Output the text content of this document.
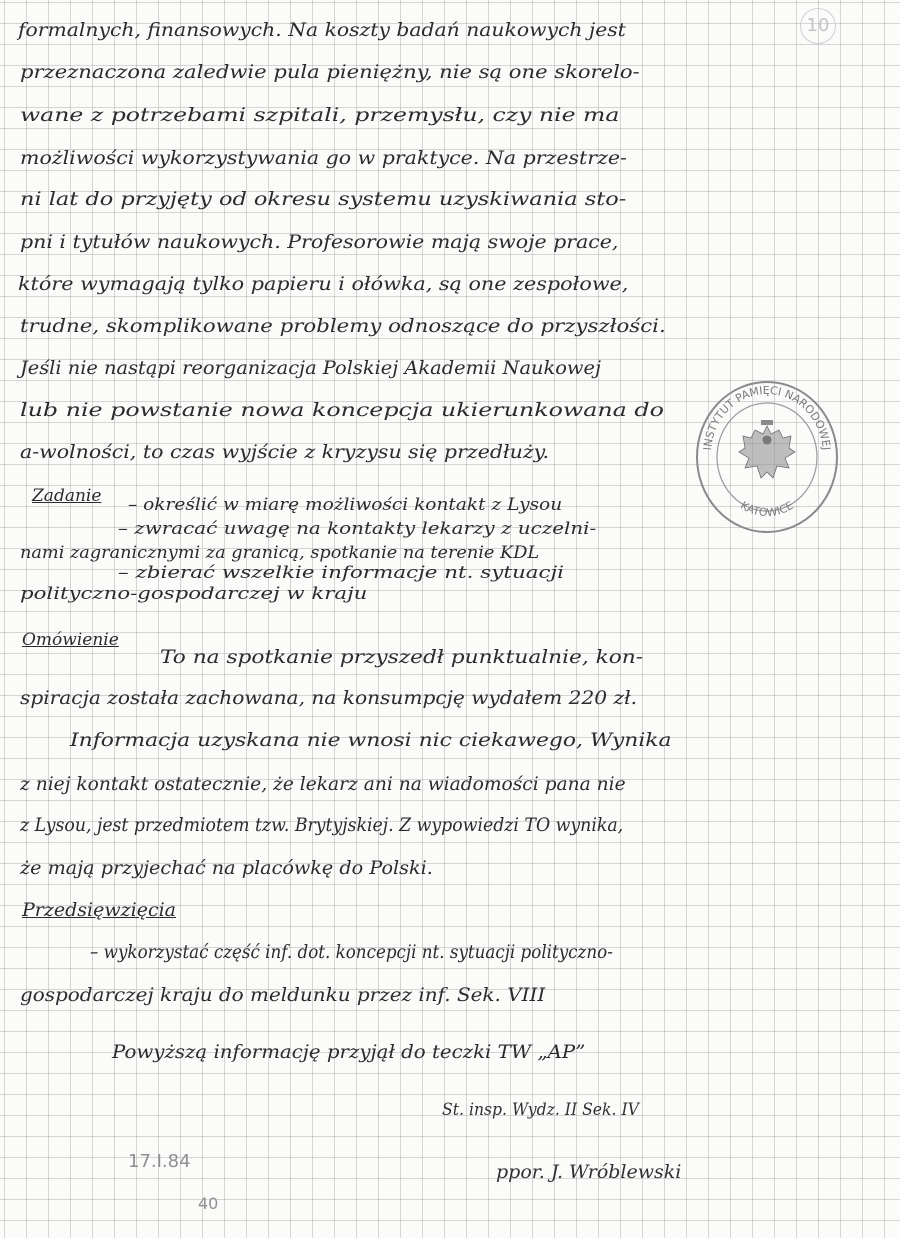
10
formalnych, finansowych. Na koszty badań naukowych jest
przeznaczona zaledwie pula pieniężny, nie są one skorelo-
wane z potrzebami szpitali, przemysłu, czy nie ma
możliwości wykorzystywania go w praktyce. Na przestrze-
ni lat do przyjęty od okresu systemu uzyskiwania sto-
pni i tytułów naukowych. Profesorowie mają swoje prace,
które wymagają tylko papieru i ołówka, są one zespołowe,
trudne, skomplikowane problemy odnoszące do przyszłości.
Jeśli nie nastąpi reorganizacja Polskiej Akademii Naukowej
lub nie powstanie nowa koncepcja ukierunkowana do
a-wolności, to czas wyjście z kryzysu się przedłuży.
Zadanie – określić w miarę możliwości kontakt z Lysou
– zwracać uwagę na kontakty lekarzy z uczelni-
nami zagranicznymi za granicą, spotkanie na terenie KDL
– zbierać wszelkie informacje nt. sytuacji
polityczno-gospodarczej w kraju
Omówienie
To na spotkanie przyszedł punktualnie, kon-
spiracja została zachowana, na konsumpcję wydałem 220 zł.
Informacja uzyskana nie wnosi nic ciekawego, Wynika
z niej kontakt ostatecznie, że lekarz ani na wiadomości pana nie
z Lysou, jest przedmiotem tzw. Brytyjskiej. Z wypowiedzi TO wynika,
że mają przyjechać na placówkę do Polski.
Przedsięwzięcia
– wykorzystać część inf. dot. koncepcji nt. sytuacji polityczno-
gospodarczej kraju do meldunku przez inf. Sek. VIII
Powyższą informację przyjął do teczki TW „AP”
St. insp. Wydz. II Sek. IV
ppor. J. Wróblewski
17.I.84
40
INSTYTUT PAMIĘCI NARODOWEJ
KATOWICE
